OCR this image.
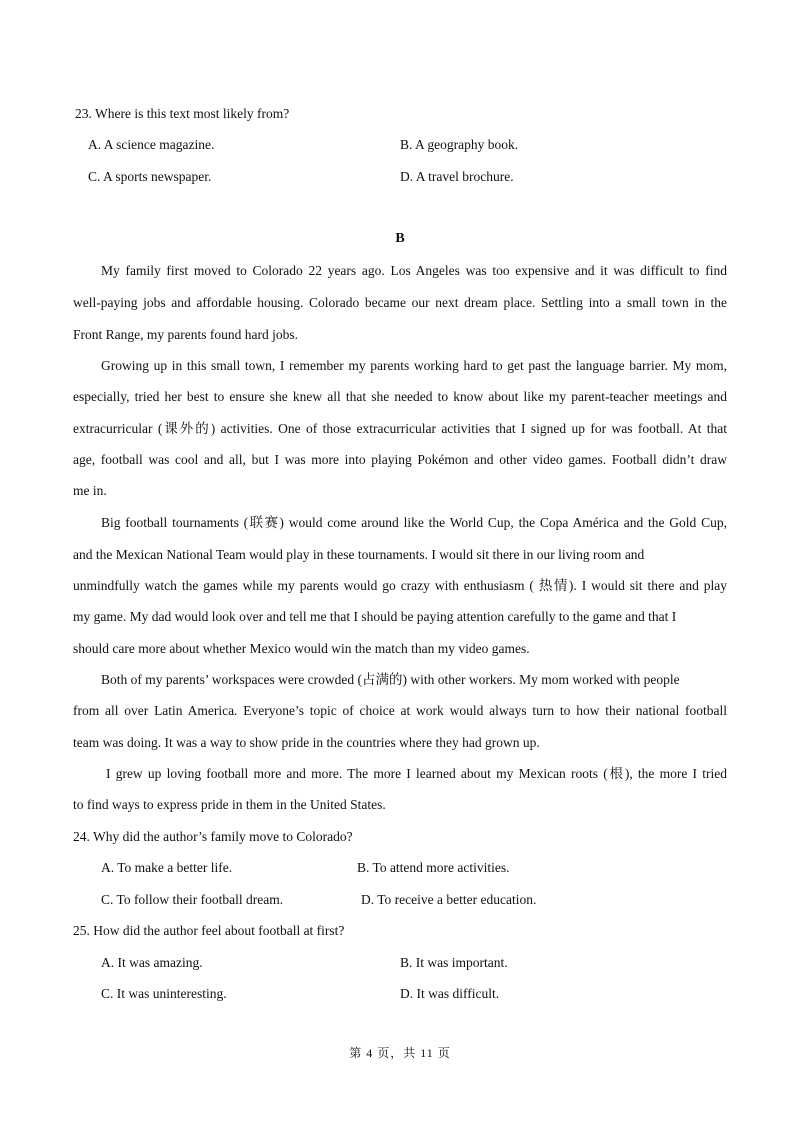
23. Where is this text most likely from?
A. A science magazine.	B. A geography book.
C. A sports newspaper.	D. A travel brochure.
B
My family first moved to Colorado 22 years ago. Los Angeles was too expensive and it was difficult to find
well-paying jobs and affordable housing. Colorado became our next dream place. Settling into a small town in the
Front Range, my parents found hard jobs.
Growing up in this small town, I remember my parents working hard to get past the language barrier. My mom,
especially, tried her best to ensure she knew all that she needed to know about like my parent-teacher meetings and
extracurricular (课外的) activities. One of those extracurricular activities that I signed up for was football. At that
age, football was cool and all, but I was more into playing Pokémon and other video games. Football didn’t draw
me in.
Big football tournaments (联赛) would come around like the World Cup, the Copa América and the Gold Cup,
and the Mexican National Team would play in these tournaments. I would sit there in our living room and
unmindfully watch the games while my parents would go crazy with enthusiasm ( 热情). I would sit there and play
my game. My dad would look over and tell me that I should be paying attention carefully to the game and that I
should care more about whether Mexico would win the match than my video games.
Both of my parents’ workspaces were crowded (占满的) with other workers. My mom worked with people
from all over Latin America. Everyone’s topic of choice at work would always turn to how their national football
team was doing. It was a way to show pride in the countries where they had grown up.
I grew up loving football more and more. The more I learned about my Mexican roots (根), the more I tried
to find ways to express pride in them in the United States.
24. Why did the author’s family move to Colorado?
A. To make a better life.	B. To attend more activities.
C. To follow their football dream.	D. To receive a better education.
25. How did the author feel about football at first?
A. It was amazing.	B. It was important.
C. It was uninteresting.	D. It was difficult.
第 4 页，共 11 页
